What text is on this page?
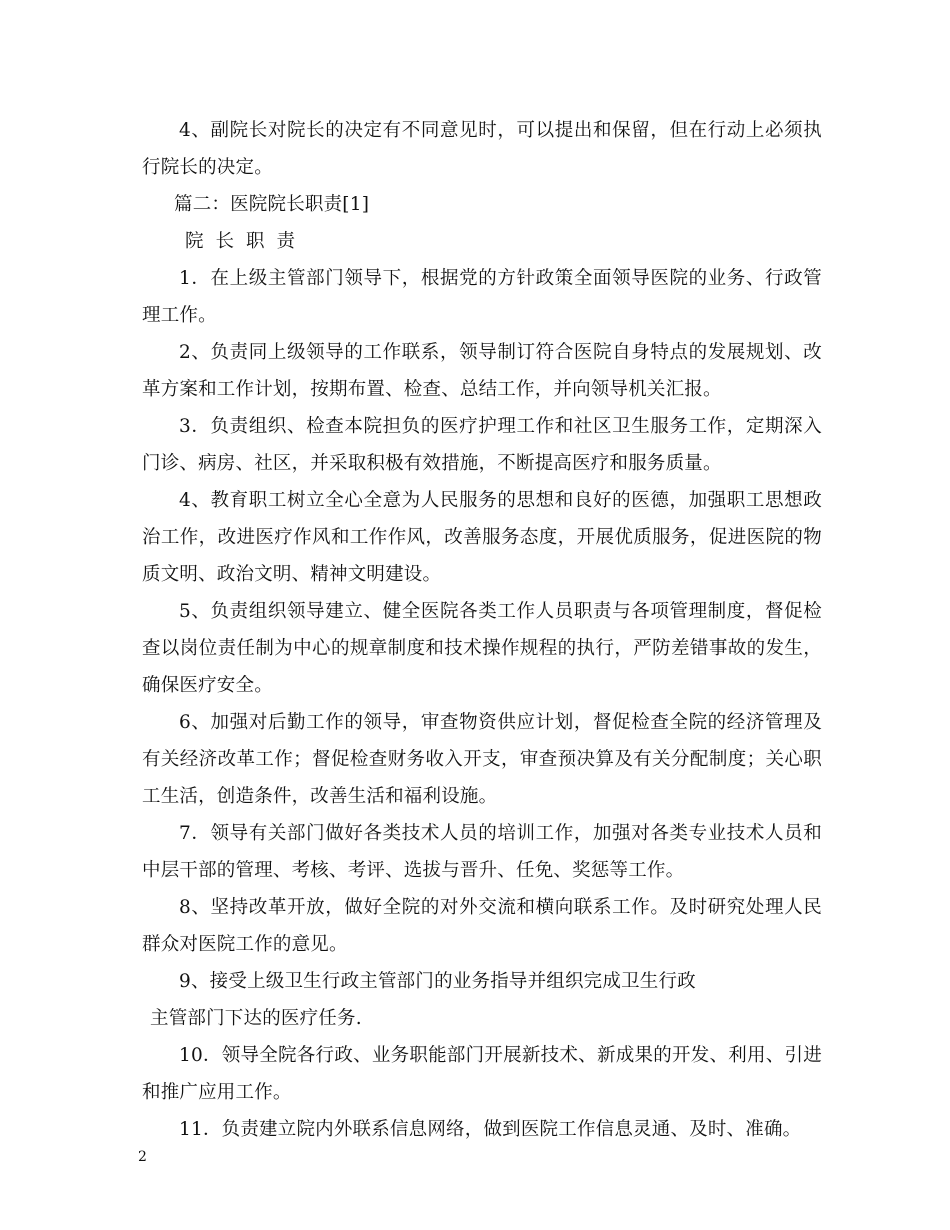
4、副院长对院长的决定有不同意见时，可以提出和保留，但在行动上必须执行院长的决定。

篇二：医院院长职责[1]

院长职责

1．在上级主管部门领导下，根据党的方针政策全面领导医院的业务、行政管理工作。

2、负责同上级领导的工作联系，领导制订符合医院自身特点的发展规划、改革方案和工作计划，按期布置、检查、总结工作，并向领导机关汇报。

3．负责组织、检查本院担负的医疗护理工作和社区卫生服务工作，定期深入门诊、病房、社区，并采取积极有效措施，不断提高医疗和服务质量。

4、教育职工树立全心全意为人民服务的思想和良好的医德，加强职工思想政治工作，改进医疗作风和工作作风，改善服务态度，开展优质服务，促进医院的物质文明、政治文明、精神文明建设。

5、负责组织领导建立、健全医院各类工作人员职责与各项管理制度，督促检查以岗位责任制为中心的规章制度和技术操作规程的执行，严防差错事故的发生，确保医疗安全。

6、加强对后勤工作的领导，审查物资供应计划，督促检查全院的经济管理及有关经济改革工作；督促检查财务收入开支，审查预决算及有关分配制度；关心职工生活，创造条件，改善生活和福利设施。

7．领导有关部门做好各类技术人员的培训工作，加强对各类专业技术人员和中层干部的管理、考核、考评、选拔与晋升、任免、奖惩等工作。

8、坚持改革开放，做好全院的对外交流和横向联系工作。及时研究处理人民群众对医院工作的意见。

9、接受上级卫生行政主管部门的业务指导并组织完成卫生行政

主管部门下达的医疗任务.

10．领导全院各行政、业务职能部门开展新技术、新成果的开发、利用、引进和推广应用工作。

11．负责建立院内外联系信息网络，做到医院工作信息灵通、及时、准确。

2
